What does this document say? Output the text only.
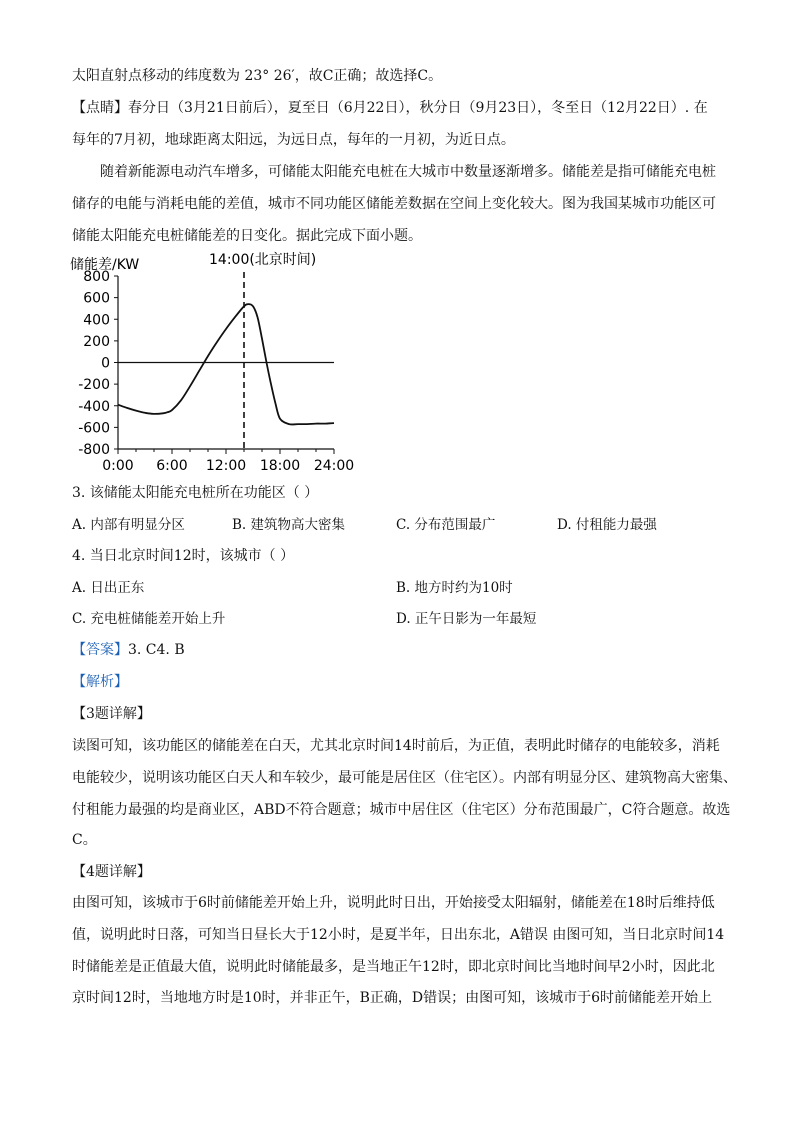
太阳直射点移动的纬度数为 23° 26′，故C正确；故选择C。
【点睛】春分日（3月21日前后），夏至日（6月22日），秋分日（9月23日），冬至日（12月22日）. 在
每年的7月初，地球距离太阳远，为远日点，每年的一月初，为近日点。
随着新能源电动汽车增多，可储能太阳能充电桩在大城市中数量逐渐增多。储能差是指可储能充电桩
储存的电能与消耗电能的差值，城市不同功能区储能差数据在空间上变化较大。图为我国某城市功能区可
储能太阳能充电桩储能差的日变化。据此完成下面小题。
储能差/KW	14:00(北京时间)
800
600
400
200
0
-200
-400
-600
-800
0:00 6:00 12:00 18:00 24:00
3. 该储能太阳能充电桩所在功能区（ ）
A. 内部有明显分区	B. 建筑物高大密集	C. 分布范围最广	D. 付租能力最强
4. 当日北京时间12时，该城市（ ）
A. 日出正东	B. 地方时约为10时
C. 充电桩储能差开始上升	D. 正午日影为一年最短
【答案】3. C4. B
【解析】
【3题详解】
读图可知，该功能区的储能差在白天，尤其北京时间14时前后，为正值，表明此时储存的电能较多，消耗
电能较少，说明该功能区白天人和车较少，最可能是居住区（住宅区）。内部有明显分区、建筑物高大密集、
付租能力最强的均是商业区，ABD不符合题意；城市中居住区（住宅区）分布范围最广，C符合题意。故选
C。
【4题详解】
由图可知，该城市于6时前储能差开始上升，说明此时日出，开始接受太阳辐射，储能差在18时后维持低
值，说明此时日落，可知当日昼长大于12小时，是夏半年，日出东北，A错误 由图可知，当日北京时间14
时储能差是正值最大值，说明此时储能最多，是当地正午12时，即北京时间比当地时间早2小时，因此北
京时间12时，当地地方时是10时，并非正午，B正确，D错误；由图可知，该城市于6时前储能差开始上
